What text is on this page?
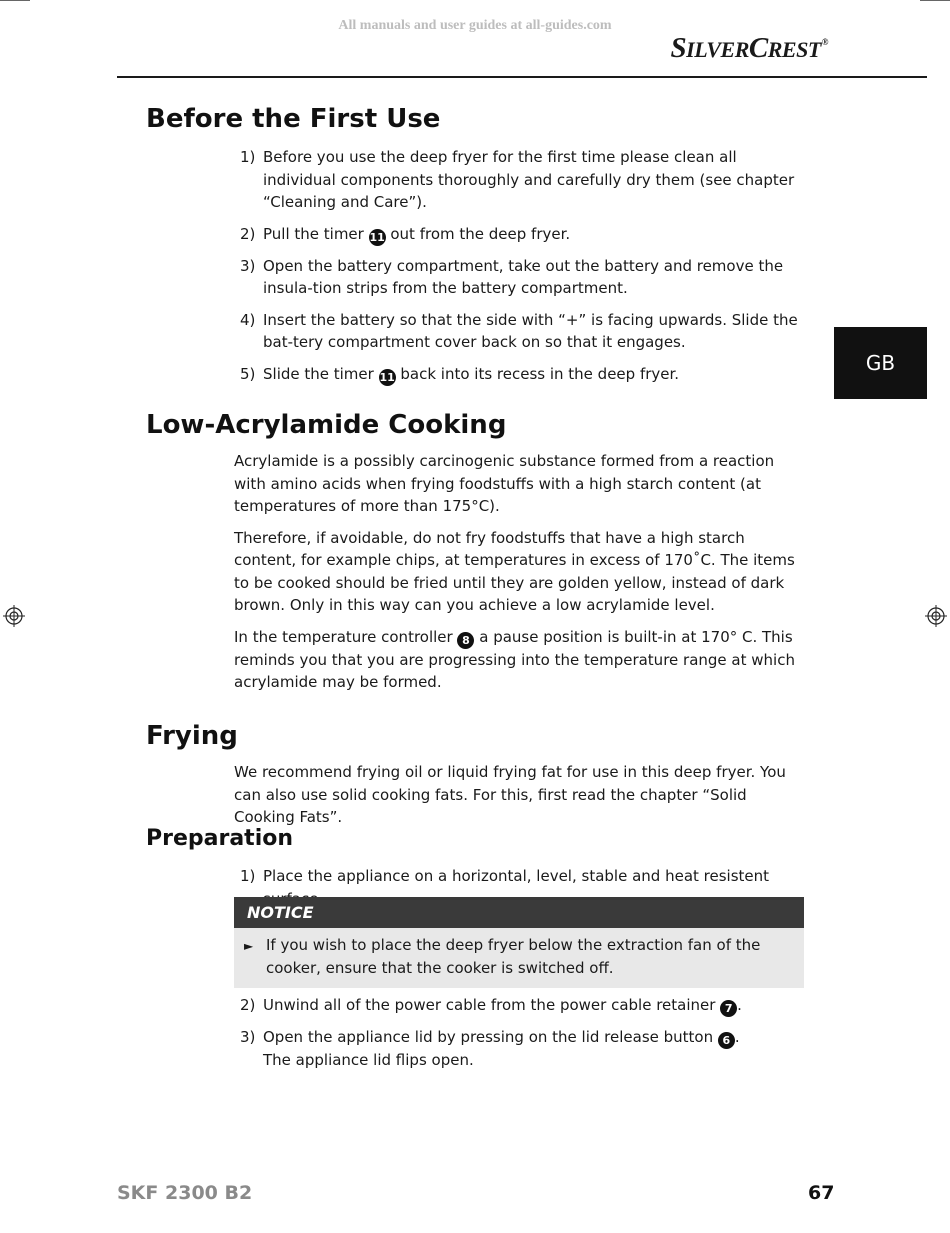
All manuals and user guides at all-guides.com
SILVERCREST®
GB
Before the First Use
1) Before you use the deep fryer for the first time please clean all individual components thoroughly and carefully dry them (see chapter “Cleaning and Care”).
2) Pull the timer 11 out from the deep fryer.
3) Open the battery compartment, take out the battery and remove the insula-tion strips from the battery compartment.
4) Insert the battery so that the side with “+” is facing upwards. Slide the bat-tery compartment cover back on so that it engages.
5) Slide the timer 11 back into its recess in the deep fryer.
Low-Acrylamide Cooking

Acrylamide is a possibly carcinogenic substance formed from a reaction with amino acids when frying foodstuffs with a high starch content (at temperatures of more than 175°C).

Therefore, if avoidable, do not fry foodstuffs that have a high starch content, for example chips, at temperatures in excess of 170˚C. The items to be cooked should be fried until they are golden yellow, instead of dark brown. Only in this way can you achieve a low acrylamide level.

In the temperature controller 8 a pause position is built-in at 170° C. This reminds you that you are progressing into the temperature range at which acrylamide may be formed.

Frying

We recommend frying oil or liquid frying fat for use in this deep fryer. You can also use solid cooking fats. For this, first read the chapter “Solid Cooking Fats”.

Preparation
1) Place the appliance on a horizontal, level, stable and heat resistent
NOTICE
► If you wish to place the deep fryer below the extraction fan of the cooker, ensure that the cooker is switched off.
2) Unwind all of the power cable from the power cable retainer 7 .
3) Open the appliance lid by pressing on the lid release button 6 .
The appliance lid flips open.
SKF 2300 B2	67
